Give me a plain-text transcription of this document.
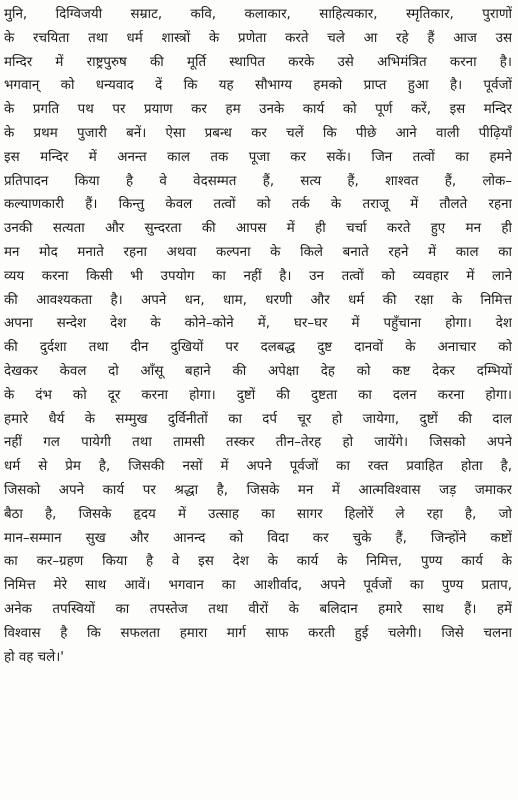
मुनि, दिग्विजयी सम्राट, कवि, कलाकार, साहित्यकार, स्मृतिकार, पुराणों
के रचयिता तथा धर्म शास्त्रों के प्रणेता करते चले आ रहे हैं आज उस
मन्दिर में राष्ट्रपुरुष की मूर्ति स्थापित करके उसे अभिमंत्रित करना है।
भगवान् को धन्यवाद दें कि यह सौभाग्य हमको प्राप्त हुआ है। पूर्वजों
के प्रगति पथ पर प्रयाण कर हम उनके कार्य को पूर्ण करें, इस मन्दिर
के प्रथम पुजारी बनें। ऐसा प्रबन्ध कर चलें कि पीछे आने वाली पीढ़ियाँ
इस मन्दिर में अनन्त काल तक पूजा कर सकें। जिन तत्वों का हमने
प्रतिपादन किया है वे वेदसम्मत हैं, सत्य हैं, शाश्वत हैं, लोक–
कल्याणकारी हैं। किन्तु केवल तत्वों को तर्क के तराजू में तौलते रहना
उनकी सत्यता और सुन्दरता की आपस में ही चर्चा करते हुए मन ही
मन मोद मनाते रहना अथवा कल्पना के किले बनाते रहने में काल का
व्यय करना किसी भी उपयोग का नहीं है। उन तत्वों को व्यवहार में लाने
की आवश्यकता है। अपने धन, धाम, धरणी और धर्म की रक्षा के निमित्त
अपना सन्देश देश के कोने–कोने में, घर–घर में पहुँचाना होगा। देश
की दुर्दशा तथा दीन दुखियों पर दलबद्ध दुष्ट दानवों के अनाचार को
देखकर केवल दो आँसू बहाने की अपेक्षा देह को कष्ट देकर दम्भियों
के दंभ को दूर करना होगा। दुष्टों की दुष्टता का दलन करना होगा।
हमारे धैर्य के सम्मुख दुर्विनीतों का दर्प चूर हो जायेगा, दुष्टों की दाल
नहीं गल पायेगी तथा तामसी तस्कर तीन–तेरह हो जायेंगे। जिसको अपने
धर्म से प्रेम है, जिसकी नसों में अपने पूर्वजों का रक्त प्रवाहित होता है,
जिसको अपने कार्य पर श्रद्धा है, जिसके मन में आत्मविश्वास जड़ जमाकर
बैठा है, जिसके हृदय में उत्साह का सागर हिलोरें ले रहा है, जो
मान–सम्मान सुख और आनन्द को विदा कर चुके हैं, जिन्होंने कष्टों
का कर–ग्रहण किया है वे इस देश के कार्य के निमित्त, पुण्य कार्य के
निमित्त मेरे साथ आवें। भगवान का आशीर्वाद, अपने पूर्वजों का पुण्य प्रताप,
अनेक तपस्वियों का तपस्तेज तथा वीरों के बलिदान हमारे साथ हैं। हमें
विश्वास है कि सफलता हमारा मार्ग साफ करती हुई चलेगी। जिसे चलना
हो वह चले।'
